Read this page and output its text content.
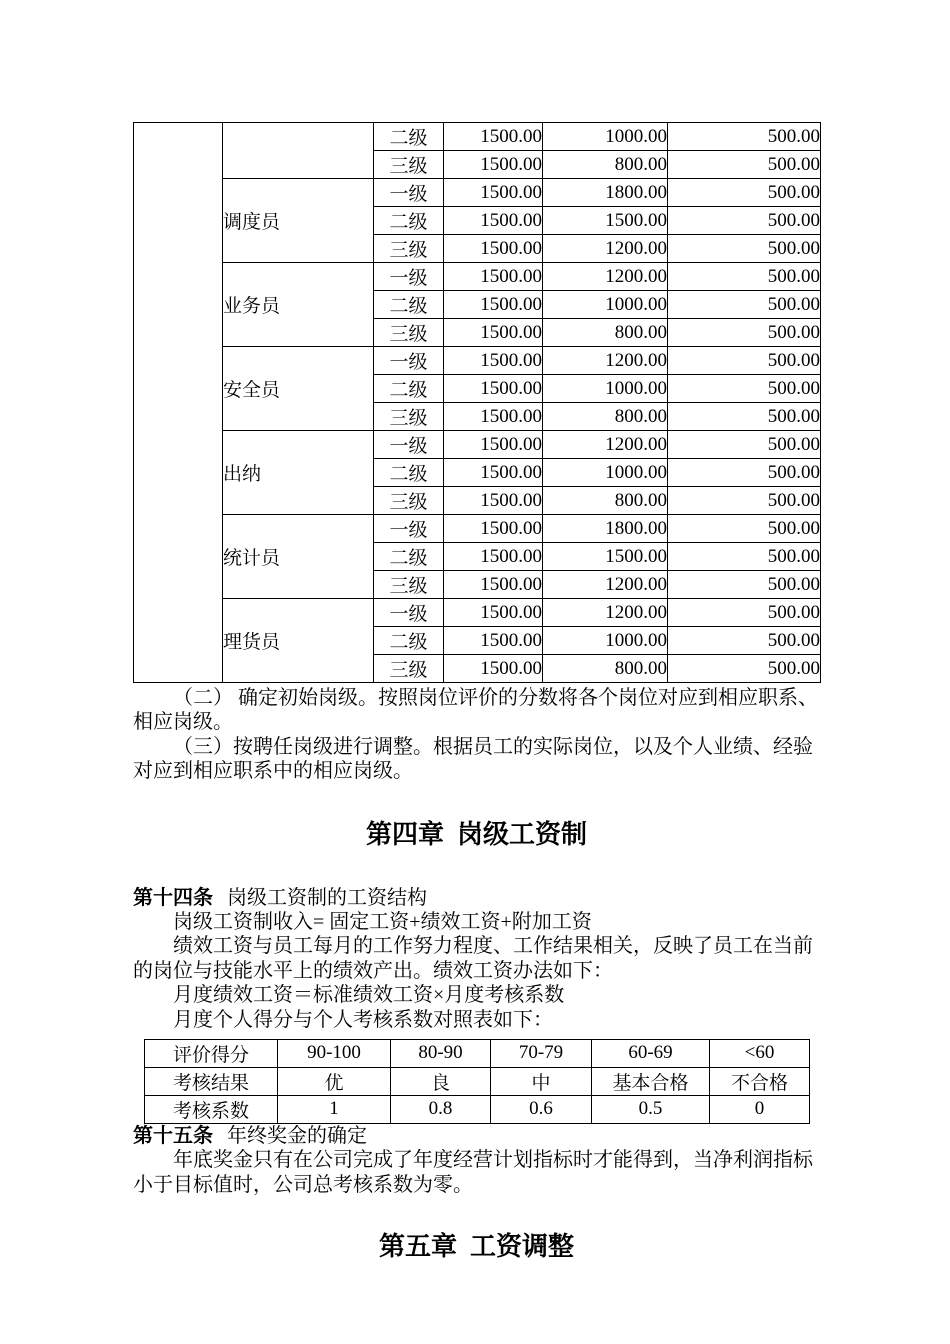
		二级	1500.00	1000.00	500.00
		三级	1500.00	800.00	500.00
	调度员	一级	1500.00	1800.00	500.00
		二级	1500.00	1500.00	500.00
		三级	1500.00	1200.00	500.00
	业务员	一级	1500.00	1200.00	500.00
		二级	1500.00	1000.00	500.00
		三级	1500.00	800.00	500.00
	安全员	一级	1500.00	1200.00	500.00
		二级	1500.00	1000.00	500.00
		三级	1500.00	800.00	500.00
	出纳	一级	1500.00	1200.00	500.00
		二级	1500.00	1000.00	500.00
		三级	1500.00	800.00	500.00
	统计员	一级	1500.00	1800.00	500.00
		二级	1500.00	1500.00	500.00
		三级	1500.00	1200.00	500.00
	理货员	一级	1500.00	1200.00	500.00
		二级	1500.00	1000.00	500.00
		三级	1500.00	800.00	500.00
（二） 确定初始岗级。按照岗位评价的分数将各个岗位对应到相应职系、
相应岗级。
（三）按聘任岗级进行调整。根据员工的实际岗位，以及个人业绩、经验
对应到相应职系中的相应岗级。
第四章 岗级工资制
第十四条 岗级工资制的工资结构
岗级工资制收入= 固定工资+绩效工资+附加工资
绩效工资与员工每月的工作努力程度、工作结果相关，反映了员工在当前
的岗位与技能水平上的绩效产出。绩效工资办法如下：
月度绩效工资＝标准绩效工资×月度考核系数
月度个人得分与个人考核系数对照表如下：
评价得分	90-100	80-90	70-79	60-69	<60
考核结果	优	良	中	基本合格	不合格
考核系数	1	0.8	0.6	0.5	0
第十五条 年终奖金的确定
年底奖金只有在公司完成了年度经营计划指标时才能得到，当净利润指标
小于目标值时，公司总考核系数为零。
第五章 工资调整
